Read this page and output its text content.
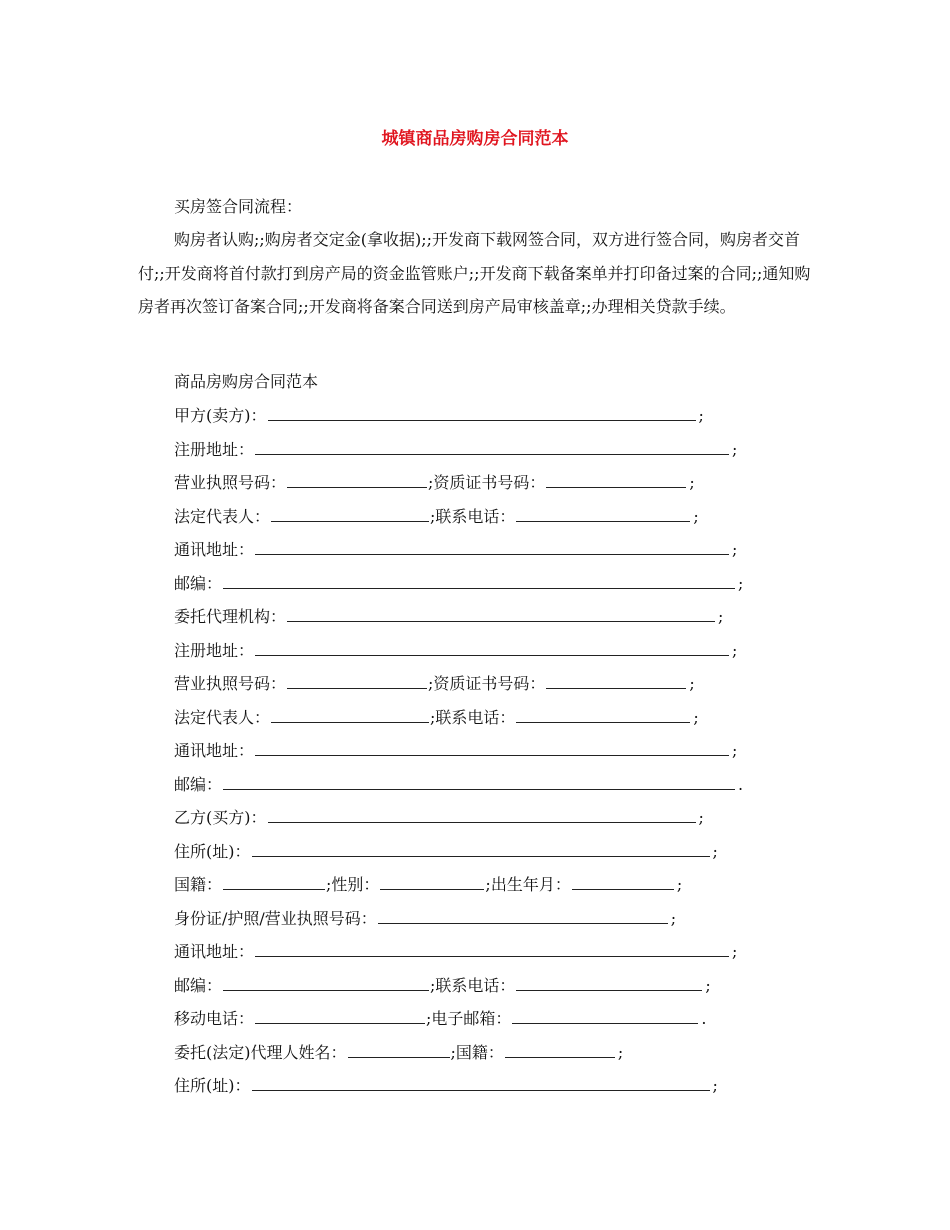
城镇商品房购房合同范本
买房签合同流程：
购房者认购;;购房者交定金(拿收据);;开发商下载网签合同，双方进行签合同，购房者交首付;;开发商将首付款打到房产局的资金监管账户;;开发商下载备案单并打印备过案的合同;;通知购房者再次签订备案合同;;开发商将备案合同送到房产局审核盖章;;办理相关贷款手续。
商品房购房合同范本
甲方(卖方)：	;
注册地址：	;
营业执照号码：	;资质证书号码：	;
法定代表人：	;联系电话：	;
通讯地址：	;
邮编：	;
委托代理机构：	;
注册地址：	;
营业执照号码：	;资质证书号码：	;
法定代表人：	;联系电话：	;
通讯地址：	;
邮编：	.
乙方(买方)：	;
住所(址)：	;
国籍：	;性别：	;出生年月：	;
身份证/护照/营业执照号码：	;
通讯地址：	;
邮编：	;联系电话：	;
移动电话：	;电子邮箱：	.
委托(法定)代理人姓名：	;国籍：	;
住所(址)：	;
